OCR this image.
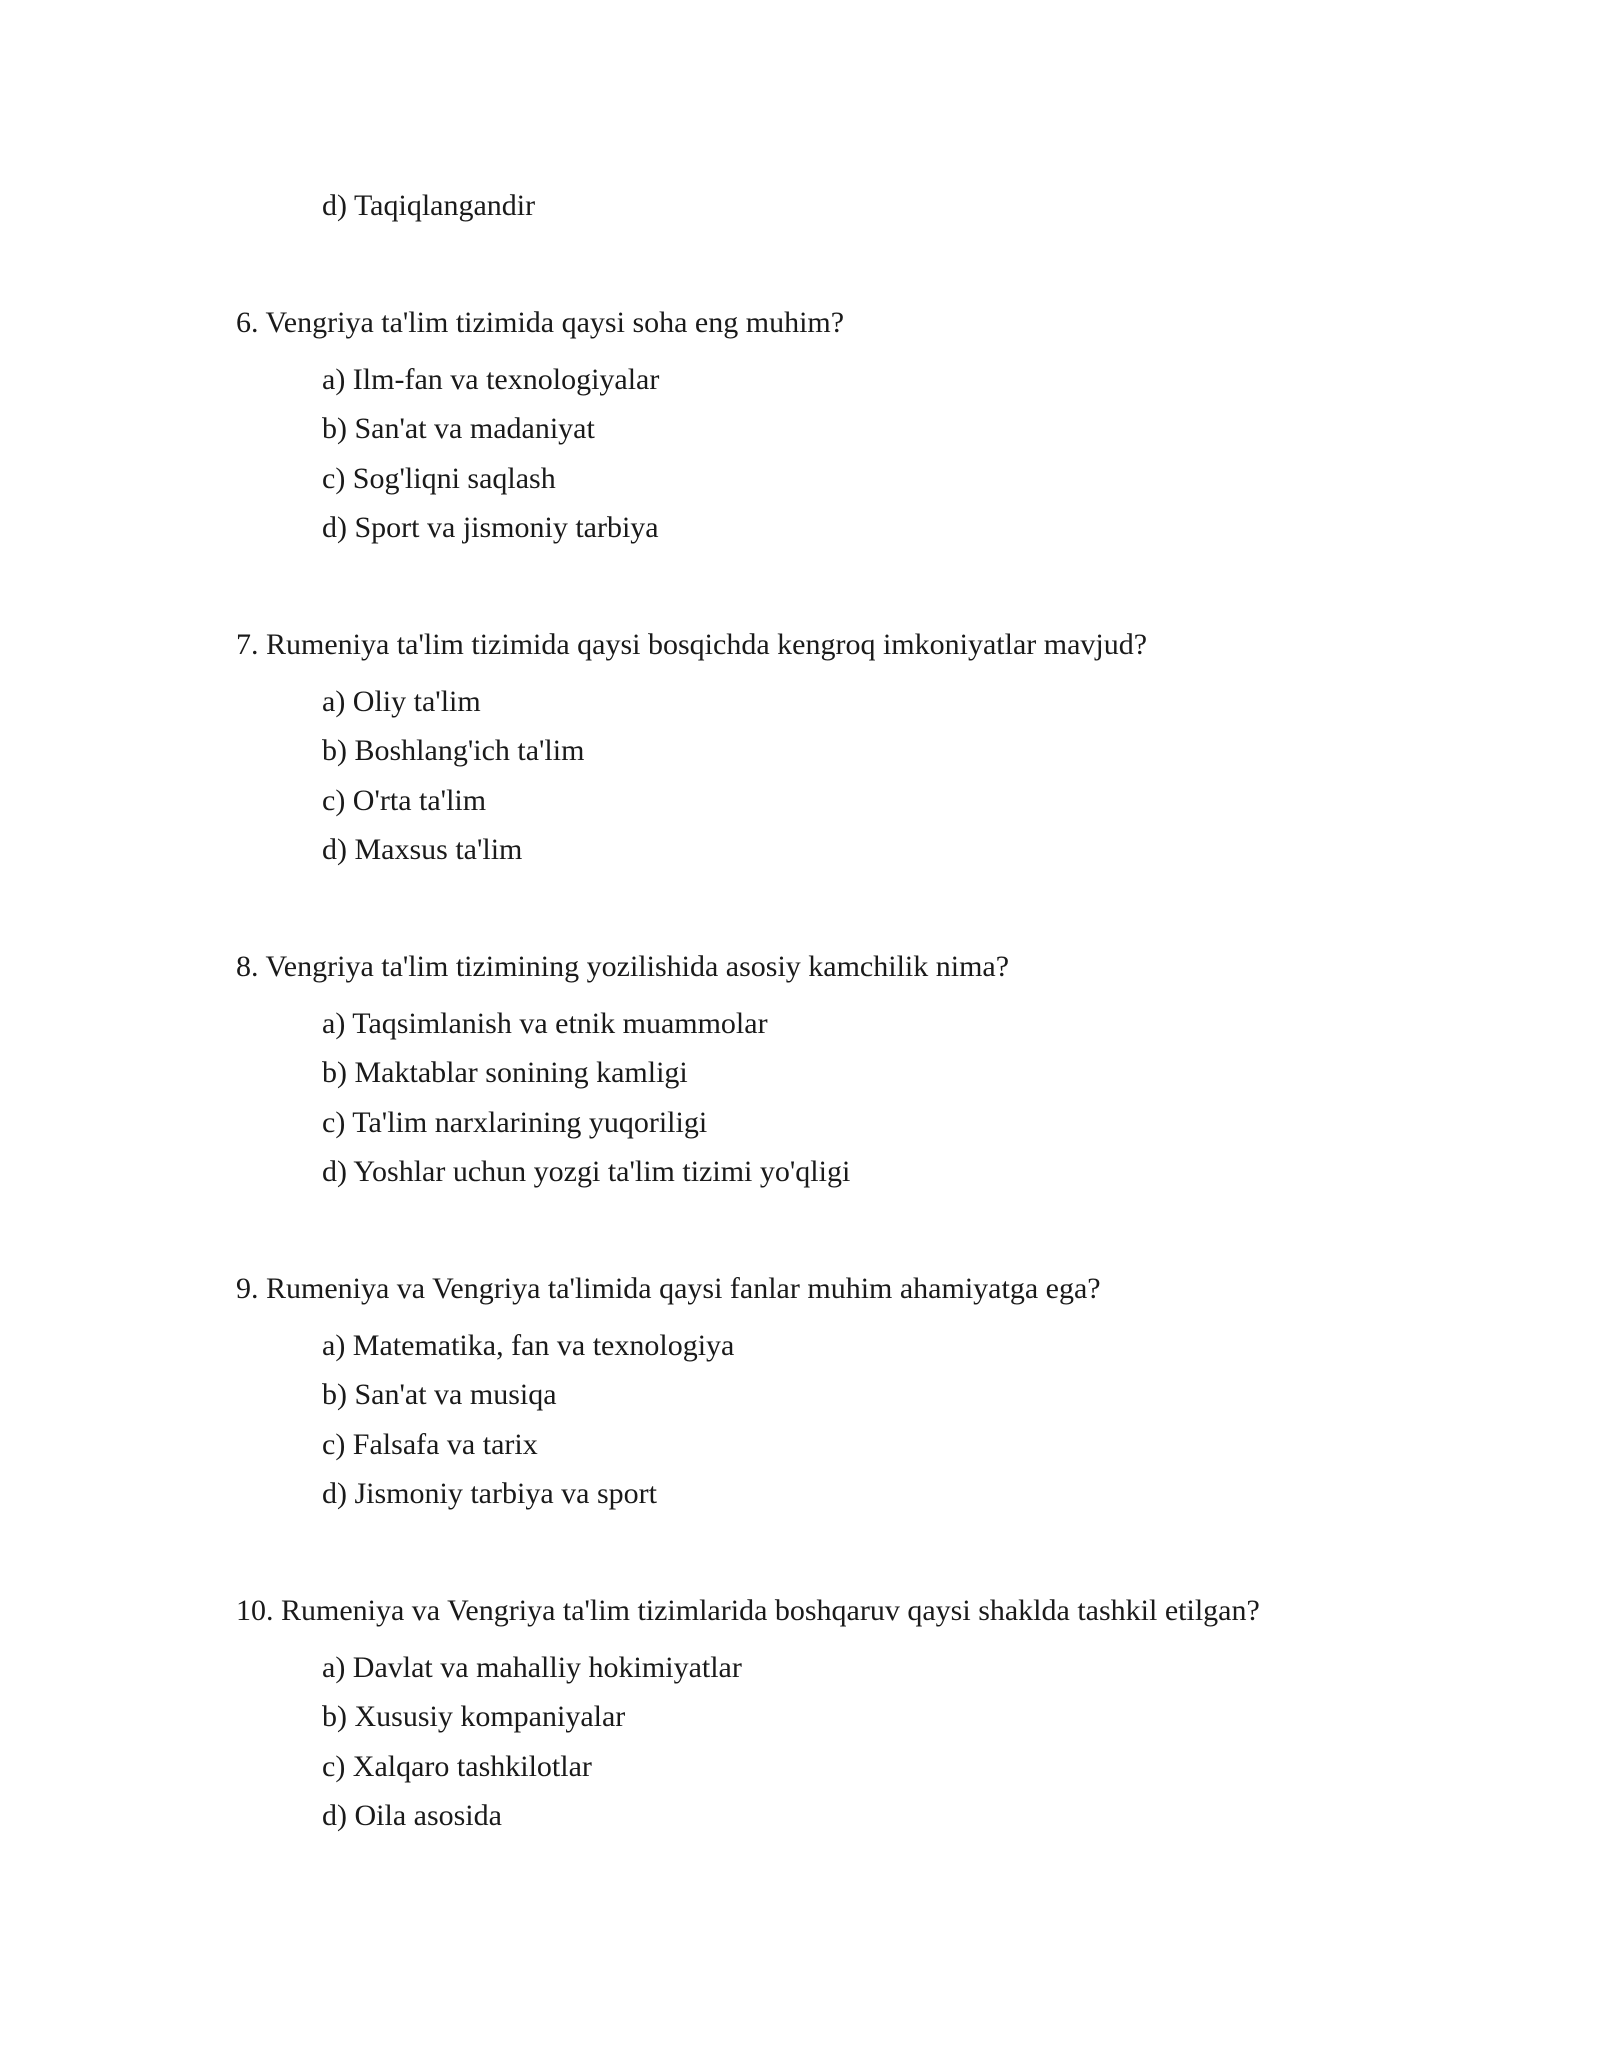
d) Taqiqlangandir
6. Vengriya ta'lim tizimida qaysi soha eng muhim?
a) Ilm-fan va texnologiyalar
b) San'at va madaniyat
c) Sog'liqni saqlash
d) Sport va jismoniy tarbiya
7. Rumeniya ta'lim tizimida qaysi bosqichda kengroq imkoniyatlar mavjud?
a) Oliy ta'lim
b) Boshlang'ich ta'lim
c) O'rta ta'lim
d) Maxsus ta'lim
8. Vengriya ta'lim tizimining yozilishida asosiy kamchilik nima?
a) Taqsimlanish va etnik muammolar
b) Maktablar sonining kamligi
c) Ta'lim narxlarining yuqoriligi
d) Yoshlar uchun yozgi ta'lim tizimi yo'qligi
9. Rumeniya va Vengriya ta'limida qaysi fanlar muhim ahamiyatga ega?
a) Matematika, fan va texnologiya
b) San'at va musiqa
c) Falsafa va tarix
d) Jismoniy tarbiya va sport
10. Rumeniya va Vengriya ta'lim tizimlarida boshqaruv qaysi shaklda tashkil etilgan?
a) Davlat va mahalliy hokimiyatlar
b) Xususiy kompaniyalar
c) Xalqaro tashkilotlar
d) Oila asosida
